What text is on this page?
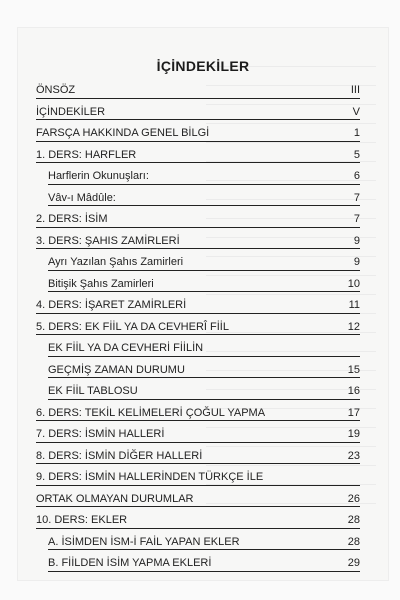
İÇİNDEKİLER
ÖNSÖZ	III
İÇİNDEKİLER	V
FARSÇA HAKKINDA GENEL BİLGİ	1
1. DERS: HARFLER	5
Harflerin Okunuşları:	6
Vâv-ı Mâdûle:	7
2. DERS: İSİM	7
3. DERS: ŞAHIS ZAMİRLERİ	9
Ayrı Yazılan Şahıs Zamirleri	9
Bitişik Şahıs Zamirleri	10
4. DERS: İŞARET ZAMİRLERİ	11
5. DERS: EK FİİL YA DA CEVHERÎ FİİL	12
EK FİİL YA DA CEVHERİ FİİLİN
GEÇMİŞ ZAMAN DURUMU	15
EK FİİL TABLOSU	16
6. DERS: TEKİL KELİMELERİ ÇOĞUL YAPMA	17
7. DERS: İSMİN HALLERİ	19
8. DERS: İSMİN DİĞER HALLERİ	23
9. DERS: İSMİN HALLERİNDEN TÜRKÇE İLE
ORTAK OLMAYAN DURUMLAR	26
10. DERS: EKLER	28
A. İSİMDEN İSM-İ FAİL YAPAN EKLER	28
B. FİİLDEN İSİM YAPMA EKLERİ	29
